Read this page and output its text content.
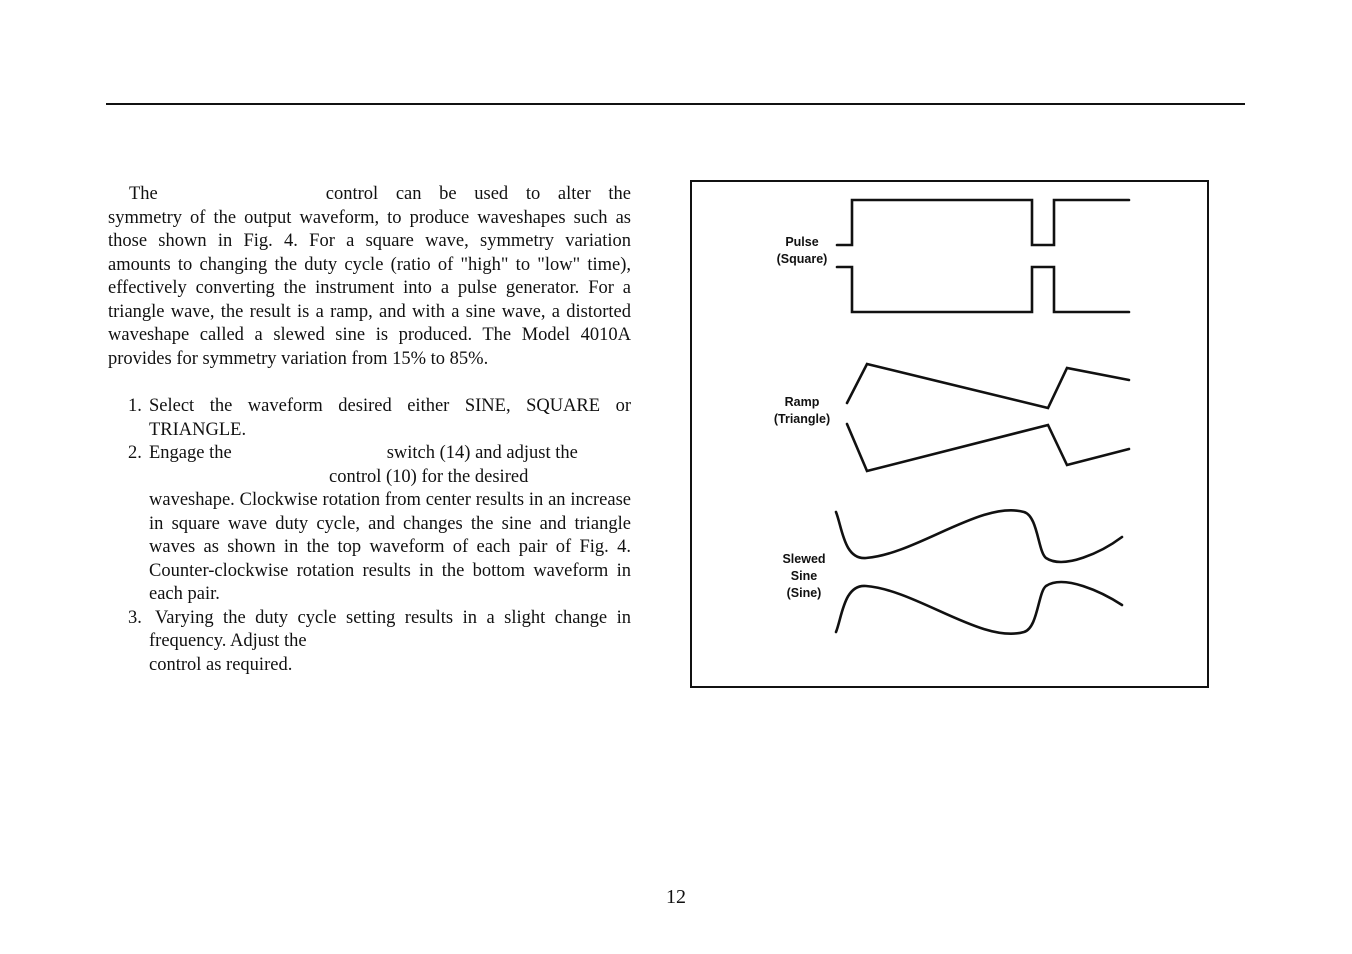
The	control can be used to alter the symmetry of the output waveform, to produce waveshapes such as those shown in Fig. 4. For a square wave, symmetry variation amounts to changing the duty cycle (ratio of "high" to "low" time), effectively converting the instrument into a pulse generator. For a triangle wave, the result is a ramp, and with a sine wave, a distorted waveshape called a slewed sine is produced. The Model 4010A provides for symmetry variation from 15% to 85%.

1. Select the waveform desired either SINE, SQUARE or TRIANGLE.
2. Engage the	switch (14) and adjust the
control (10) for the desired
waveshape. Clockwise rotation from center results in an increase in square wave duty cycle, and changes the sine and triangle waves as shown in the top waveform of each pair of Fig. 4. Counter-clockwise rotation results in the bottom waveform in each pair.
3. Varying the duty cycle setting results in a slight change in frequency. Adjust the
control as required.
Pulse
(Square)
Ramp
(Triangle)
Slewed
Sine
(Sine)
12
